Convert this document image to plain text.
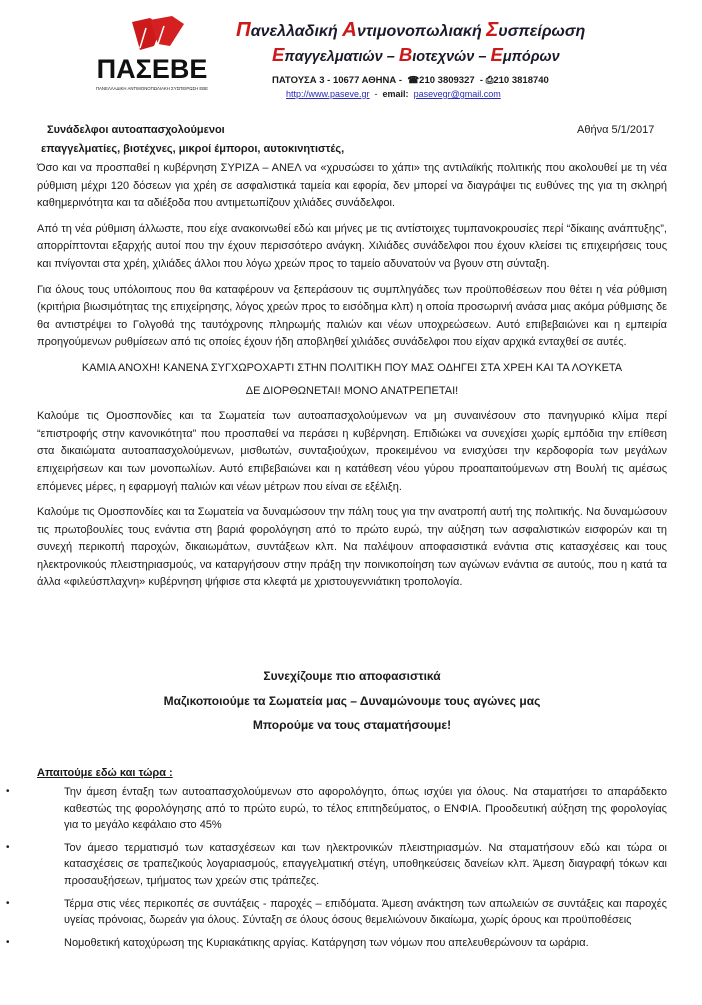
ΠΑΣΕΒΕ
ΠΑΝΕΛΛΑΔΙΚΗ ΑΝΤΙΜΟΝΟΠΩΛΙΑΚΗ ΣΥΣΠΕΙΡΩΣΗ ΕΒΕ
Πανελλαδική Αντιμονοπωλιακή Συσπείρωση
Επαγγελματιών – Βιοτεχνών – Εμπόρων
ΠΑΤΟΥΣΑ 3 - 10677 ΑΘΗΝΑ - ☎210 3809327  - ⎙210 3818740
http://www.paseve.gr  -  email: pasevegr@gmail.com
Συνάδελφοι αυτοαπασχολούμενοι	Αθήνα 5/1/2017
επαγγελματίες, βιοτέχνες, μικροί έμποροι, αυτοκινητιστές,

Όσο και να προσπαθεί η κυβέρνηση ΣΥΡΙΖΑ – ΑΝΕΛ να «χρυσώσει το χάπι» της αντιλαϊκής πολιτικής που ακολουθεί με τη νέα ρύθμιση μέχρι 120 δόσεων για χρέη σε ασφαλιστικά ταμεία και εφορία, δεν μπορεί να διαγράψει τις ευθύνες της για τη σκληρή καθημερινότητα και τα αδιέξοδα που αντιμετωπίζουν χιλιάδες συνάδελφοι.

Από τη νέα ρύθμιση άλλωστε, που είχε ανακοινωθεί εδώ και μήνες με τις αντίστοιχες τυμπανοκρουσίες περί “δίκαιης ανάπτυξης”, απορρίπτονται εξαρχής αυτοί που την έχουν περισσότερο ανάγκη. Χιλιάδες συνάδελφοι που έχουν κλείσει τις επιχειρήσεις τους και πνίγονται στα χρέη, χιλιάδες άλλοι που λόγω χρεών προς το ταμείο αδυνατούν να βγουν στη σύνταξη.

Για όλους τους υπόλοιπους που θα καταφέρουν να ξεπεράσουν τις συμπληγάδες των προϋποθέσεων που θέτει η νέα ρύθμιση (κριτήρια βιωσιμότητας της επιχείρησης, λόγος χρεών προς το εισόδημα κλπ) η οποία προσωρινή ανάσα μιας ακόμα ρύθμισης δε θα αντιστρέψει το Γολγοθά της ταυτόχρονης πληρωμής παλιών και νέων υποχρεώσεων. Αυτό επιβεβαιώνει και η εμπειρία προηγούμενων ρυθμίσεων από τις οποίες έχουν ήδη αποβληθεί χιλιάδες συνάδελφοι που είχαν αρχικά ενταχθεί σε αυτές.

ΚΑΜΙΑ ΑΝΟΧΗ! ΚΑΝΕΝΑ ΣΥΓΧΩΡΟΧΑΡΤΙ ΣΤΗΝ ΠΟΛΙΤΙΚΗ ΠΟΥ ΜΑΣ ΟΔΗΓΕΙ ΣΤΑ ΧΡΕΗ ΚΑΙ ΤΑ ΛΟΥΚΕΤΑ

ΔΕ ΔΙΟΡΘΩΝΕΤΑΙ! ΜΟΝΟ ΑΝΑΤΡΕΠΕΤΑΙ!

Καλούμε τις Ομοσπονδίες και τα Σωματεία των αυτοαπασχολούμενων να μη συναινέσουν στο πανηγυρικό κλίμα περί “επιστροφής στην κανονικότητα” που προσπαθεί να περάσει η κυβέρνηση. Επιδιώκει να συνεχίσει χωρίς εμπόδια την επίθεση στα δικαιώματα αυτοαπασχολούμενων, μισθωτών, συνταξιούχων, προκειμένου να ενισχύσει την κερδοφορία των μεγάλων επιχειρήσεων και των μονοπωλίων. Αυτό επιβεβαιώνει και η κατάθεση νέου γύρου προαπαιτούμενων στη Βουλή τις αμέσως επόμενες μέρες, η εφαρμογή παλιών και νέων μέτρων που είναι σε εξέλιξη.

Καλούμε τις Ομοσπονδίες και τα Σωματεία να δυναμώσουν την πάλη τους για την ανατροπή αυτή της πολιτικής. Να δυναμώσουν τις πρωτοβουλίες τους ενάντια στη βαριά φορολόγηση από το πρώτο ευρώ, την αύξηση των ασφαλιστικών εισφορών και τη συνεχή περικοπή παροχών, δικαιωμάτων, συντάξεων κλπ. Να παλέψουν αποφασιστικά ενάντια στις κατασχέσεις και τους ηλεκτρονικούς πλειστηριασμούς, να καταργήσουν στην πράξη την ποινικοποίηση των αγώνων ενάντια σε αυτούς, που η κατά τα άλλα «φιλεύσπλαχνη» κυβέρνηση ψήφισε στα κλεφτά με χριστουγεννιάτικη τροπολογία.

Συνεχίζουμε πιο αποφασιστικά
Μαζικοποιούμε τα Σωματεία μας – Δυναμώνουμε τους αγώνες μας
Μπορούμε να τους σταματήσουμε!
Απαιτούμε εδώ και τώρα :
•	Την άμεση ένταξη των αυτοαπασχολούμενων στο αφορολόγητο, όπως ισχύει για όλους. Να σταματήσει το απαράδεκτο καθεστώς της φορολόγησης από το πρώτο ευρώ, το τέλος επιτηδεύματος, ο ΕΝΦΙΑ. Προοδευτική αύξηση της φορολογίας για το μεγάλο κεφάλαιο στο 45%
•	Τον άμεσο τερματισμό των κατασχέσεων και των ηλεκτρονικών πλειστηριασμών. Να σταματήσουν εδώ και τώρα οι κατασχέσεις σε τραπεζικούς λογαριασμούς, επαγγελματική στέγη, υποθηκεύσεις δανείων κλπ. Άμεση διαγραφή τόκων και προσαυξήσεων, τμήματος των χρεών στις τράπεζες.
•	Τέρμα στις νέες περικοπές σε συντάξεις - παροχές – επιδόματα. Άμεση ανάκτηση των απωλειών σε συντάξεις και παροχές υγείας πρόνοιας, δωρεάν για όλους. Σύνταξη σε όλους όσους θεμελιώνουν δικαίωμα, χωρίς όρους και προϋποθέσεις
•	Νομοθετική κατοχύρωση της Κυριακάτικης αργίας. Κατάργηση των νόμων που απελευθερώνουν τα ωράρια.
